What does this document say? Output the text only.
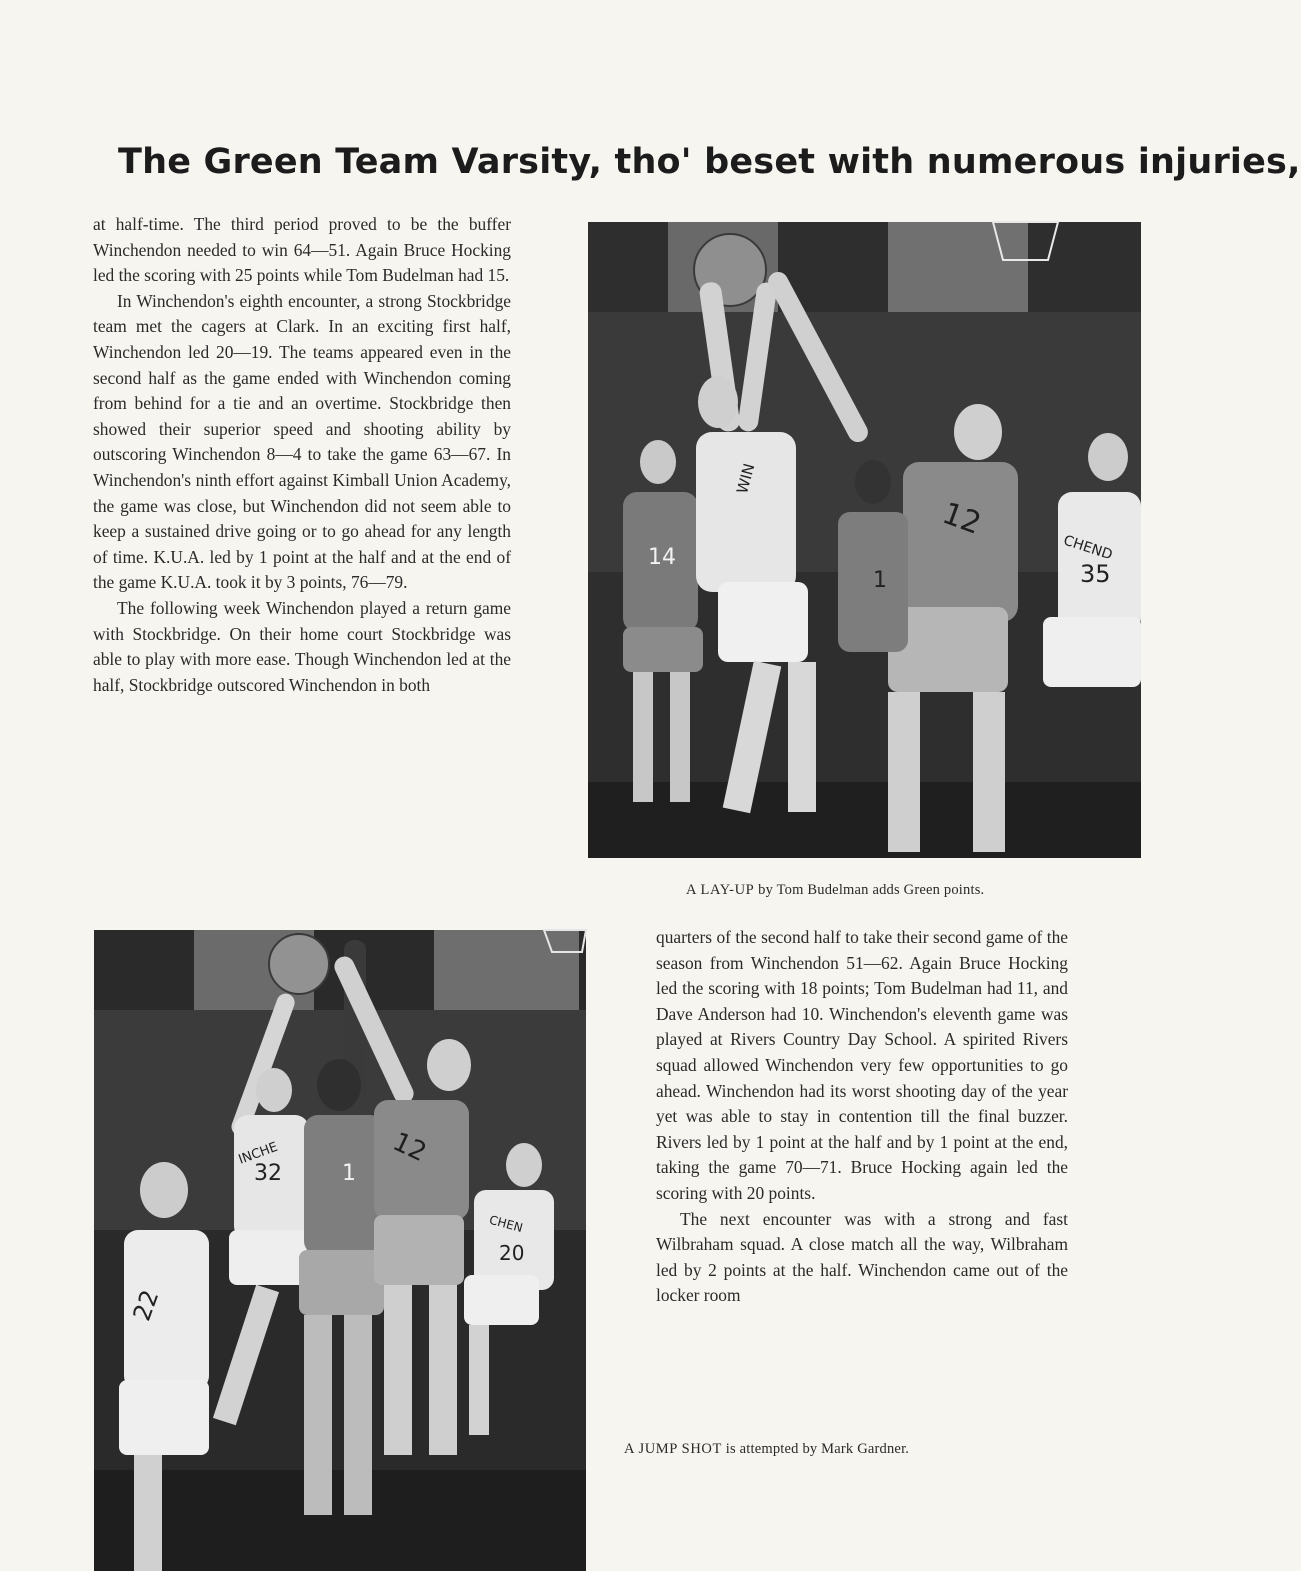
The Green Team Varsity, tho' beset with numerous injuries,

at half-time. The third period proved to be the buffer Winchendon needed to win 64—51. Again Bruce Hocking led the scoring with 25 points while Tom Budelman had 15.

In Winchendon's eighth encounter, a strong Stockbridge team met the cagers at Clark. In an exciting first half, Winchendon led 20—19. The teams appeared even in the second half as the game ended with Winchendon coming from behind for a tie and an overtime. Stockbridge then showed their superior speed and shooting ability by outscoring Winchendon 8—4 to take the game 63—67. In Winchendon's ninth effort against Kimball Union Academy, the game was close, but Winchendon did not seem able to keep a sustained drive going or to go ahead for any length of time. K.U.A. led by 1 point at the half and at the end of the game K.U.A. took it by 3 points, 76—79.

The following week Winchendon played a return game with Stockbridge. On their home court Stockbridge was able to play with more ease. Though Winchendon led at the half, Stockbridge outscored Winchendon in both

14
1
12
35
WIN
CHEND
A LAY-UP by Tom Budelman adds Green points.
32	1
12
20
22
INCHE
CHEN

quarters of the second half to take their second game of the season from Winchendon 51—62. Again Bruce Hocking led the scoring with 18 points; Tom Budelman had 11, and Dave Anderson had 10. Winchendon's eleventh game was played at Rivers Country Day School. A spirited Rivers squad allowed Winchendon very few opportunities to go ahead. Winchendon had its worst shooting day of the year yet was able to stay in contention till the final buzzer. Rivers led by 1 point at the half and by 1 point at the end, taking the game 70—71. Bruce Hocking again led the scoring with 20 points.

The next encounter was with a strong and fast Wilbraham squad. A close match all the way, Wilbraham led by 2 points at the half. Winchendon came out of the locker room

A JUMP SHOT is attempted by Mark Gardner.
